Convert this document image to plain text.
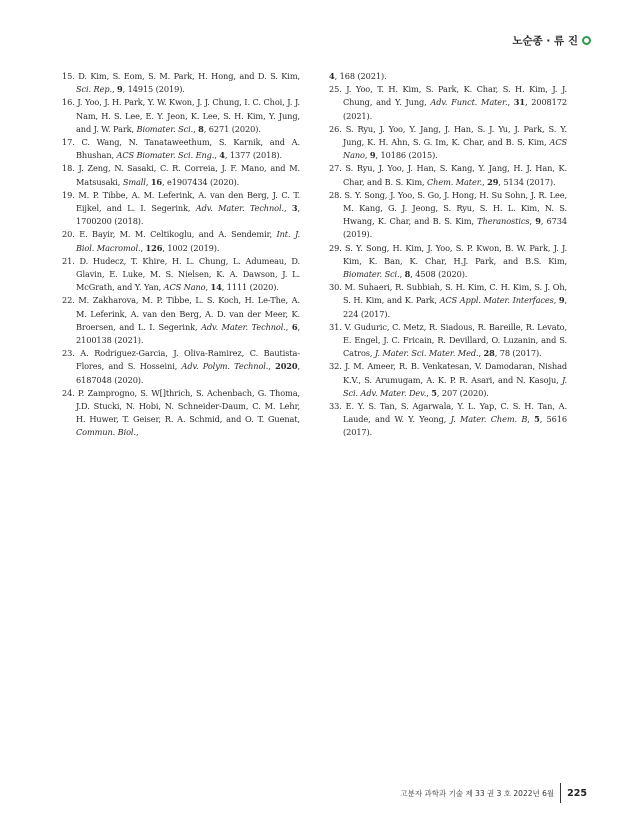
노순종 · 류 진

15. D. Kim, S. Eom, S. M. Park, H. Hong, and D. S. Kim, Sci. Rep., 9, 14915 (2019).

16. J. Yoo, J. H. Park, Y. W. Kwon, J. J. Chung, I. C. Choi, J. J. Nam, H. S. Lee, E. Y. Jeon, K. Lee, S. H. Kim, Y. Jung, and J. W. Park, Biomater. Sci., 8, 6271 (2020).

17. C. Wang, N. Tanataweethum, S. Karnik, and A. Bhushan, ACS Biomater. Sci. Eng., 4, 1377 (2018).

18. J. Zeng, N. Sasaki, C. R. Correia, J. F. Mano, and M. Matsusaki, Small, 16, e1907434 (2020).

19. M. P. Tibbe, A. M. Leferink, A. van den Berg, J. C. T. Eijkel, and L. I. Segerink, Adv. Mater. Technol., 3, 1700200 (2018).

20. E. Bayir, M. M. Celtikoglu, and A. Sendemir, Int. J. Biol. Macromol., 126, 1002 (2019).

21. D. Hudecz, T. Khire, H. L. Chung, L. Adumeau, D. Glavin, E. Luke, M. S. Nielsen, K. A. Dawson, J. L. McGrath, and Y. Yan, ACS Nano, 14, 1111 (2020).

22. M. Zakharova, M. P. Tibbe, L. S. Koch, H. Le-The, A. M. Leferink, A. van den Berg, A. D. van der Meer, K. Broersen, and L. I. Segerink, Adv. Mater. Technol., 6, 2100138 (2021).

23. A. Rodriguez-Garcia, J. Oliva-Ramirez, C. Bautista-Flores, and S. Hosseini, Adv. Polym. Technol., 2020, 6187048 (2020).

24. P. Zamprogno, S. W[]thrich, S. Achenbach, G. Thoma, J.D. Stucki, N. Hobi, N. Schneider-Daum, C. M. Lehr, H. Huwer, T. Geiser, R. A. Schmid, and O. T. Guenat, Commun. Biol.,

4, 168 (2021).

25. J. Yoo, T. H. Kim, S. Park, K. Char, S. H. Kim, J. J. Chung, and Y. Jung, Adv. Funct. Mater., 31, 2008172 (2021).

26. S. Ryu, J. Yoo, Y. Jang, J. Han, S. J. Yu, J. Park, S. Y. Jung, K. H. Ahn, S. G. Im, K. Char, and B. S. Kim, ACS Nano, 9, 10186 (2015).

27. S. Ryu, J. Yoo, J. Han, S. Kang, Y. Jang, H. J. Han, K. Char, and B. S. Kim, Chem. Mater., 29, 5134 (2017).

28. S. Y. Song, J. Yoo, S. Go, J. Hong, H. Su Sohn, J. R. Lee, M. Kang, G. J. Jeong, S. Ryu, S. H. L. Kim, N. S. Hwang, K. Char, and B. S. Kim, Theranostics, 9, 6734 (2019).

29. S. Y. Song, H. Kim, J. Yoo, S. P. Kwon, B. W. Park, J. J. Kim, K. Ban, K. Char, H.J. Park, and B.S. Kim, Biomater. Sci., 8, 4508 (2020).

30. M. Suhaeri, R. Subbiah, S. H. Kim, C. H. Kim, S. J. Oh, S. H. Kim, and K. Park, ACS Appl. Mater. Interfaces, 9, 224 (2017).

31. V. Guduric, C. Metz, R. Siadous, R. Bareille, R. Levato, E. Engel, J. C. Fricain, R. Devillard, O. Luzanin, and S. Catros, J. Mater. Sci. Mater. Med., 28, 78 (2017).

32. J. M. Ameer, R. B. Venkatesan, V. Damodaran, Nishad K.V., S. Arumugam, A. K. P. R. Asari, and N. Kasoju, J. Sci. Adv. Mater. Dev., 5, 207 (2020).

33. E. Y. S. Tan, S. Agarwala, Y. L. Yap, C. S. H. Tan, A. Laude, and W. Y. Yeong, J. Mater. Chem. B, 5, 5616 (2017).

고분자 과학과 기술 제 33 권 3 호 2022년 6월 225
